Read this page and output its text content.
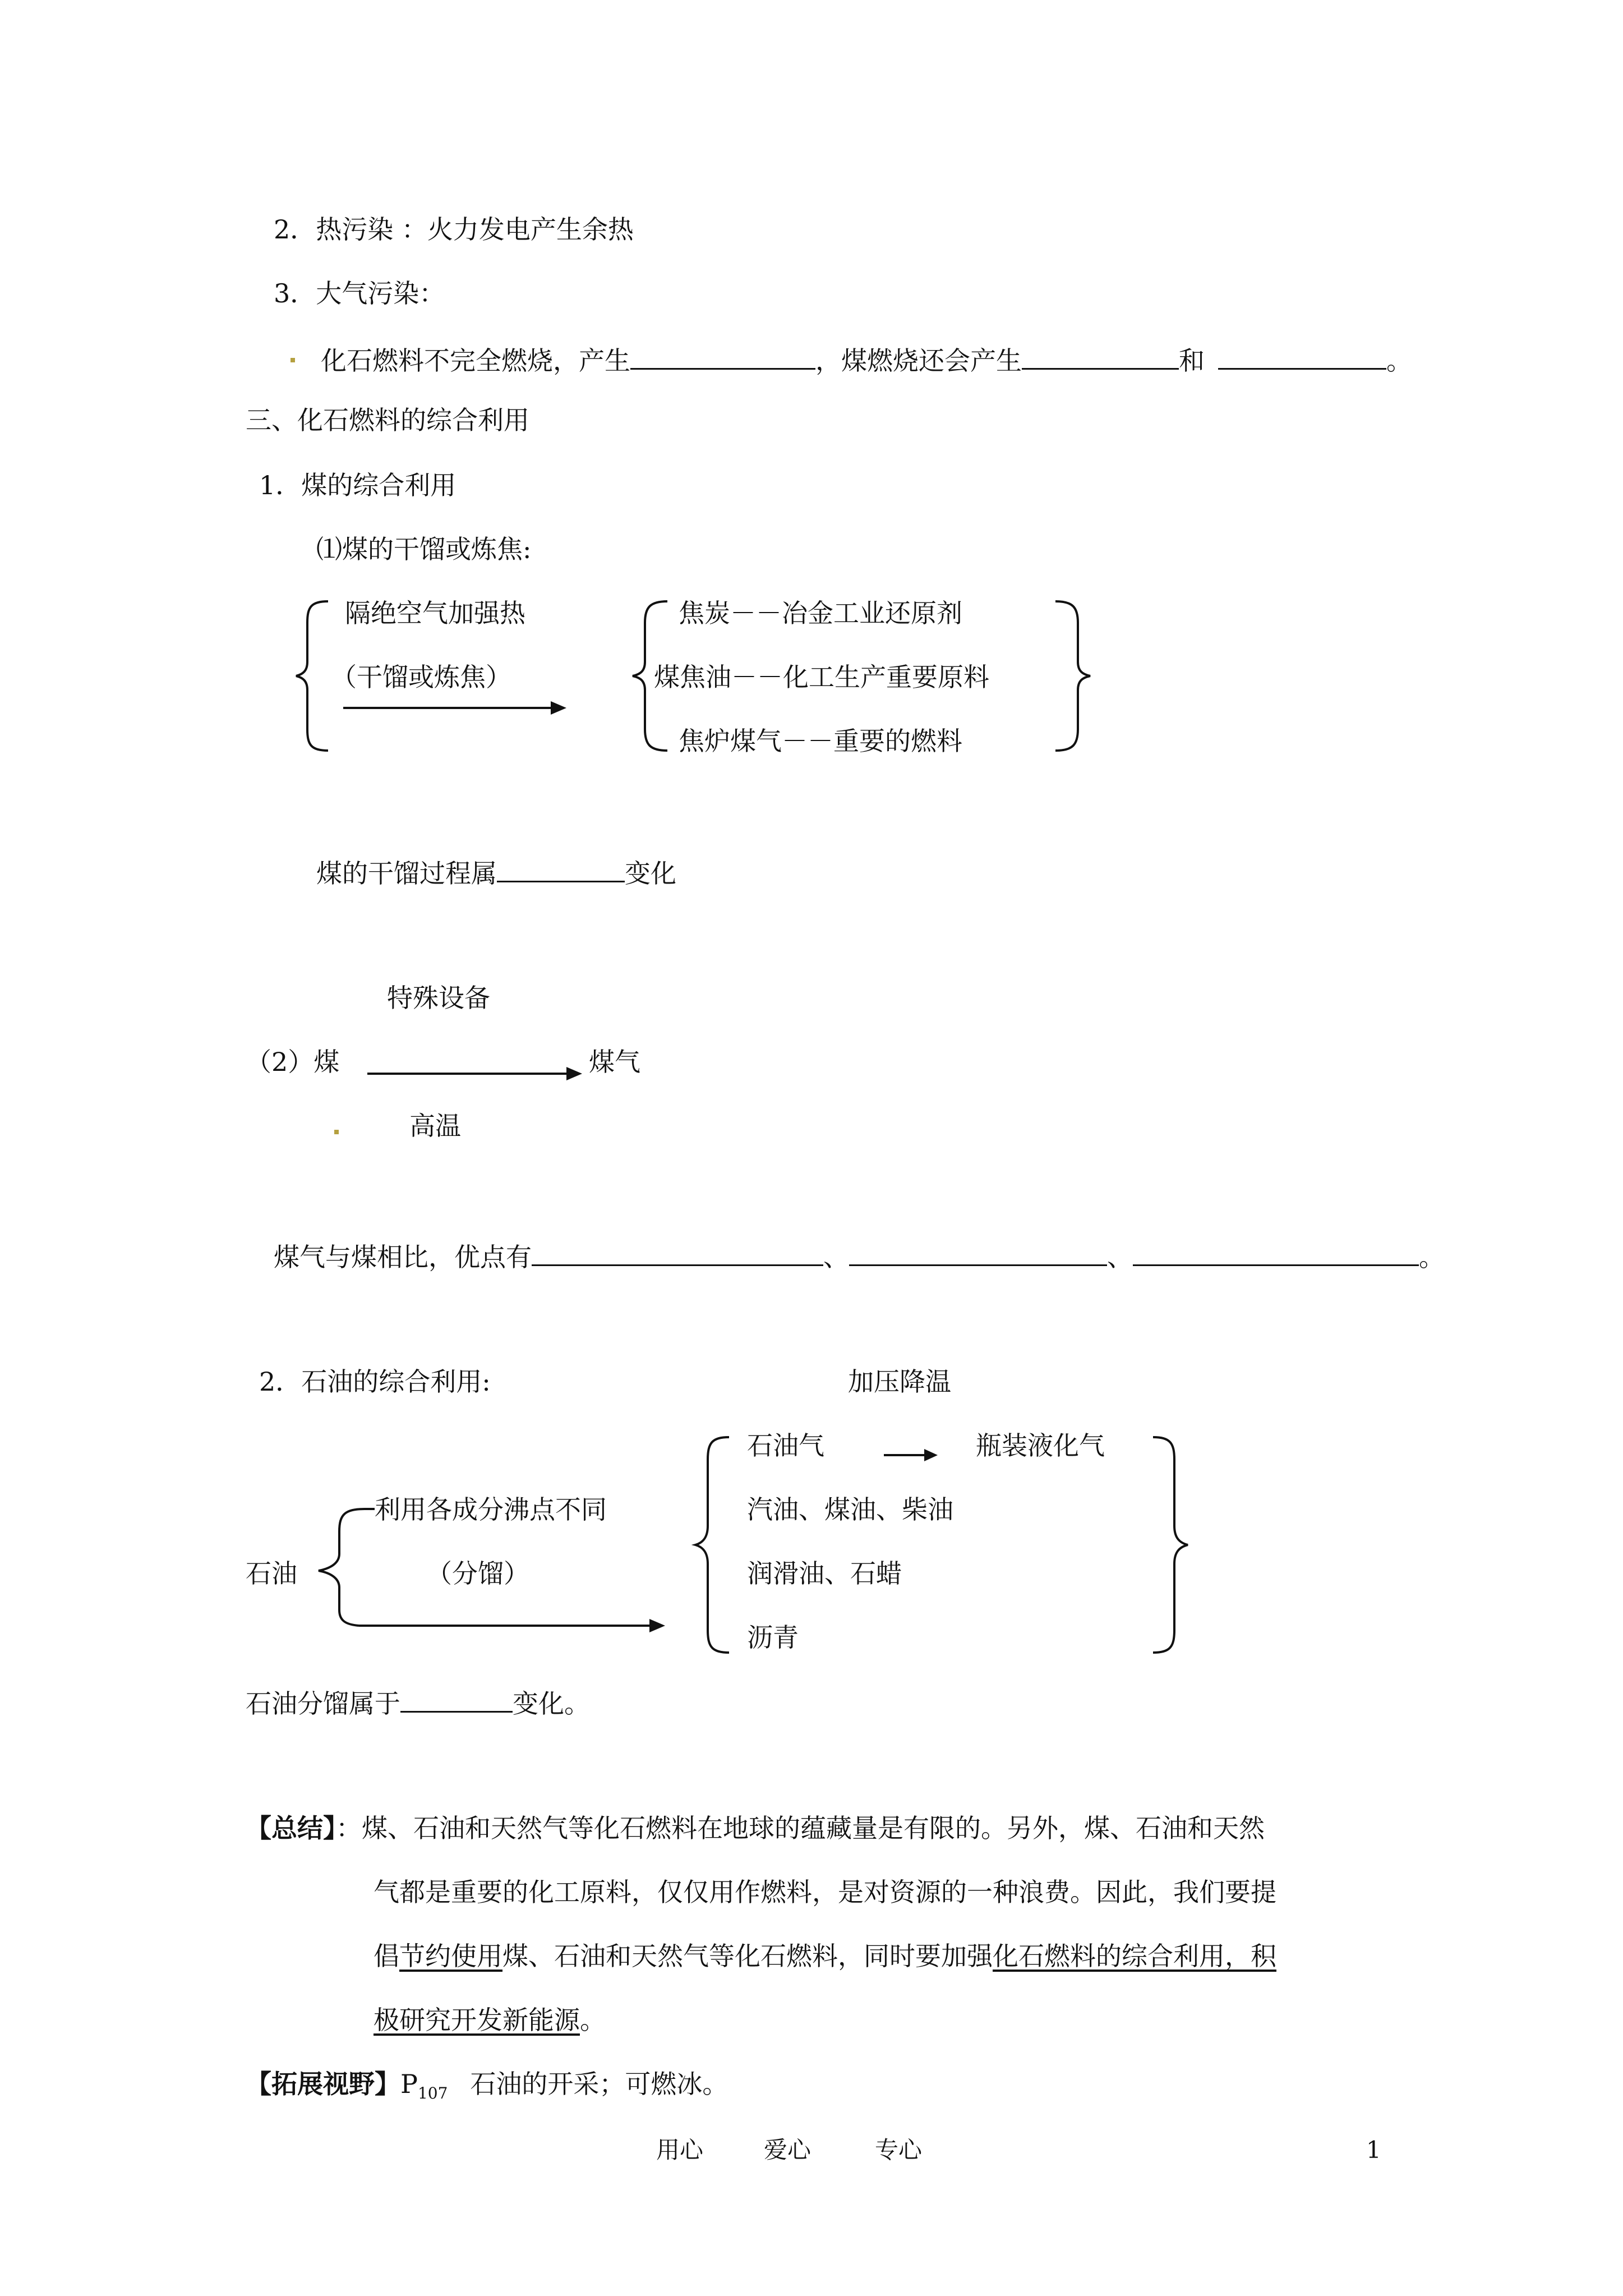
2．热污染 ：火力发电产生余热
3．大气污染：
化石燃料不完全燃烧，产生	，煤燃烧还会产生	和	。
三、化石燃料的综合利用
1．煤的综合利用
⑴煤的干馏或炼焦:
隔绝空气加强热
（干馏或炼焦）
焦炭－－冶金工业还原剂
煤焦油－－化工生产重要原料
焦炉煤气－－重要的燃料
煤的干馏过程属	变化
特殊设备
（2）煤	煤气
高温
煤气与煤相比，优点有	、	、	。
2．石油的综合利用:	加压降温
石油气	瓶装液化气
利用各成分沸点不同	汽油、煤油、柴油
石油	（分馏）	润滑油、石蜡
沥青
石油分馏属于	变化。
【总结】：煤、石油和天然气等化石燃料在地球的蕴藏量是有限的。另外，煤、石油和天然
气都是重要的化工原料，仅仅用作燃料，是对资源的一种浪费。因此，我们要提
倡节约使用煤、石油和天然气等化石燃料，同时要加强化石燃料的综合利用，积
极研究开发新能源。
【拓展视野】$P_{107}$ 石油的开采；可燃冰。
用心	爱心	专心	1
